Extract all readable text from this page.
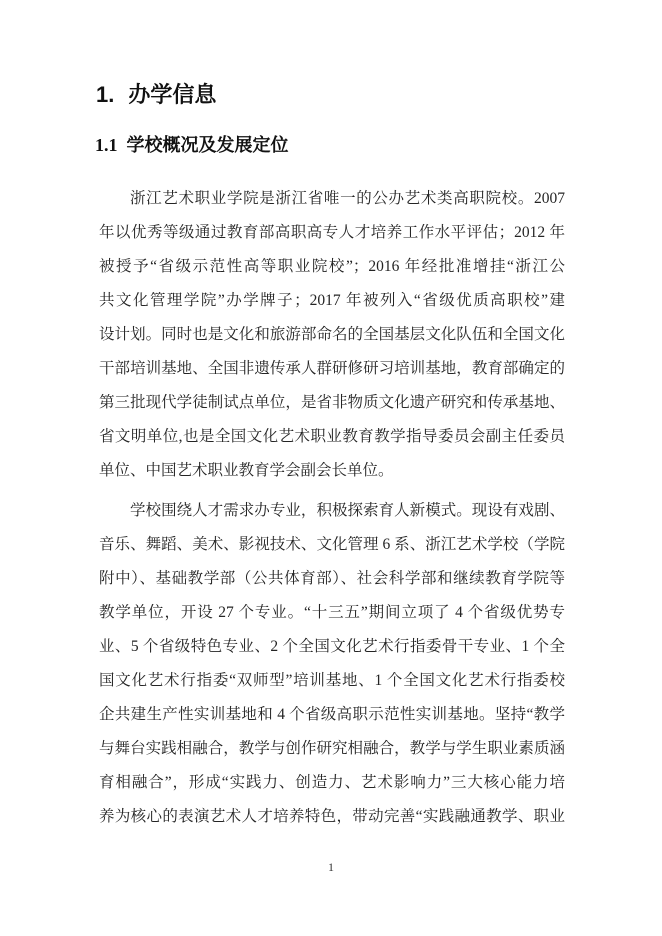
1. 办学信息
1.1 学校概况及发展定位
浙江艺术职业学院是浙江省唯一的公办艺术类高职院校。2007
年以优秀等级通过教育部高职高专人才培养工作水平评估；2012 年
被授予“省级示范性高等职业院校”；2016 年经批准增挂“浙江公
共文化管理学院”办学牌子；2017 年被列入“省级优质高职校”建
设计划。同时也是文化和旅游部命名的全国基层文化队伍和全国文化
干部培训基地、全国非遗传承人群研修研习培训基地，教育部确定的
第三批现代学徒制试点单位，是省非物质文化遗产研究和传承基地、
省文明单位,也是全国文化艺术职业教育教学指导委员会副主任委员
单位、中国艺术职业教育学会副会长单位。
学校围绕人才需求办专业，积极探索育人新模式。现设有戏剧、
音乐、舞蹈、美术、影视技术、文化管理 6 系、浙江艺术学校（学院
附中）、基础教学部（公共体育部）、社会科学部和继续教育学院等
教学单位，开设 27 个专业。“十三五”期间立项了 4 个省级优势专
业、5 个省级特色专业、2 个全国文化艺术行指委骨干专业、1 个全
国文化艺术行指委“双师型”培训基地、1 个全国文化艺术行指委校
企共建生产性实训基地和 4 个省级高职示范性实训基地。坚持“教学
与舞台实践相融合，教学与创作研究相融合，教学与学生职业素质涵
育相融合”，形成“实践力、创造力、艺术影响力”三大核心能力培
养为核心的表演艺术人才培养特色，带动完善“实践融通教学、职业
1
